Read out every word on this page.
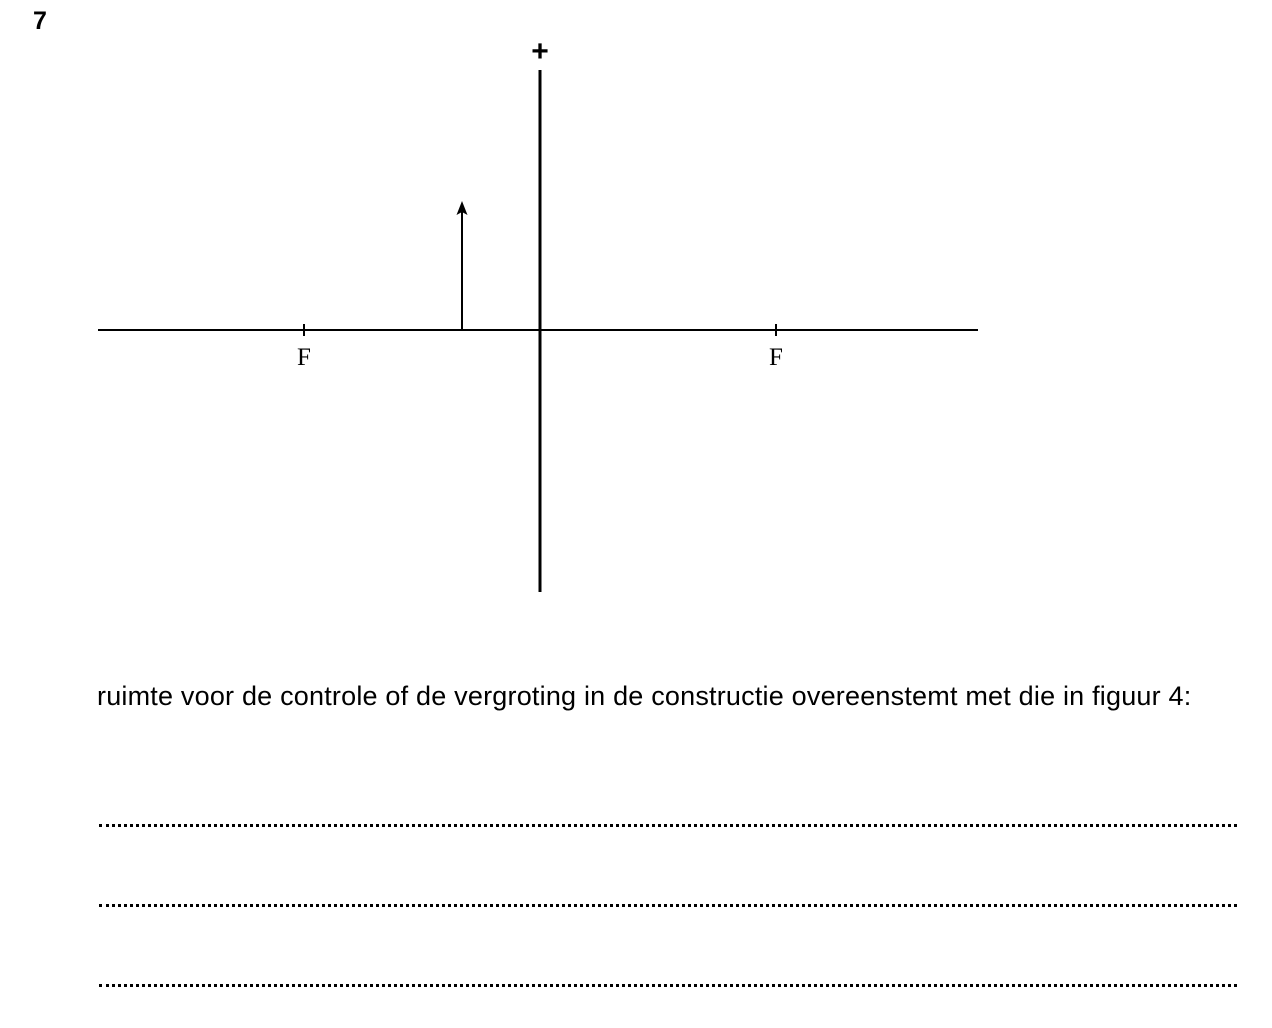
7
+
F	F

ruimte voor de controle of de vergroting in de constructie overeenstemt met die in figuur 4:
